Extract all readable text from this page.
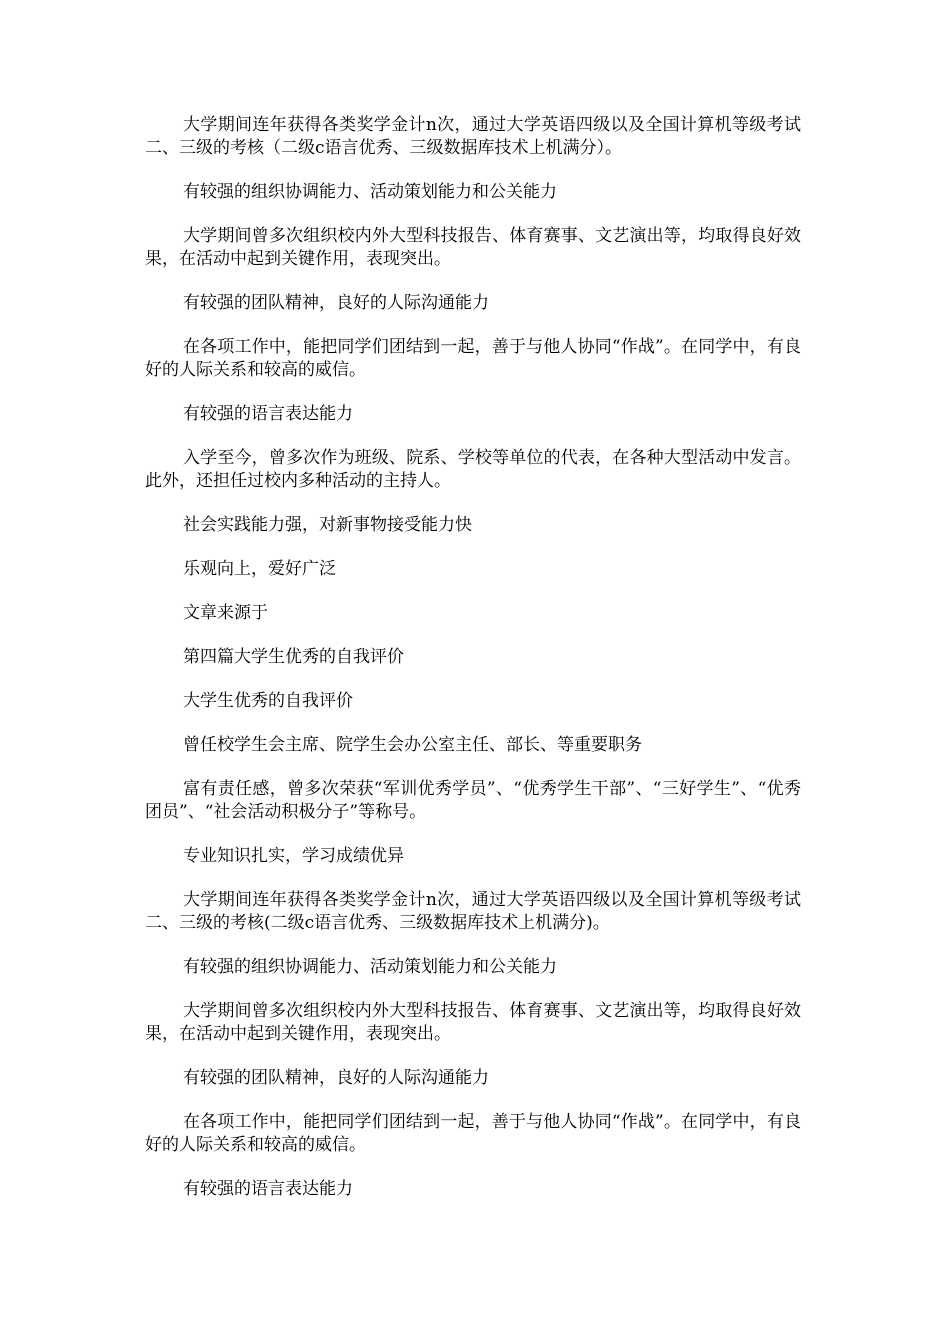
大学期间连年获得各类奖学金计n次，通过大学英语四级以及全国计算机等级考试二、三级的考核（二级c语言优秀、三级数据库技术上机满分）。

有较强的组织协调能力、活动策划能力和公关能力

大学期间曾多次组织校内外大型科技报告、体育赛事、文艺演出等，均取得良好效果，在活动中起到关键作用，表现突出。

有较强的团队精神，良好的人际沟通能力

在各项工作中，能把同学们团结到一起，善于与他人协同“作战”。在同学中，有良好的人际关系和较高的威信。

有较强的语言表达能力

入学至今，曾多次作为班级、院系、学校等单位的代表，在各种大型活动中发言。此外，还担任过校内多种活动的主持人。

社会实践能力强，对新事物接受能力快

乐观向上，爱好广泛

文章来源于

第四篇大学生优秀的自我评价

大学生优秀的自我评价

曾任校学生会主席、院学生会办公室主任、部长、等重要职务

富有责任感，曾多次荣获“军训优秀学员”、“优秀学生干部”、“三好学生”、“优秀团员”、“社会活动积极分子”等称号。

专业知识扎实，学习成绩优异

大学期间连年获得各类奖学金计n次，通过大学英语四级以及全国计算机等级考试二、三级的考核(二级c语言优秀、三级数据库技术上机满分)。

有较强的组织协调能力、活动策划能力和公关能力

大学期间曾多次组织校内外大型科技报告、体育赛事、文艺演出等，均取得良好效果，在活动中起到关键作用，表现突出。

有较强的团队精神，良好的人际沟通能力

在各项工作中，能把同学们团结到一起，善于与他人协同“作战”。在同学中，有良好的人际关系和较高的威信。

有较强的语言表达能力
